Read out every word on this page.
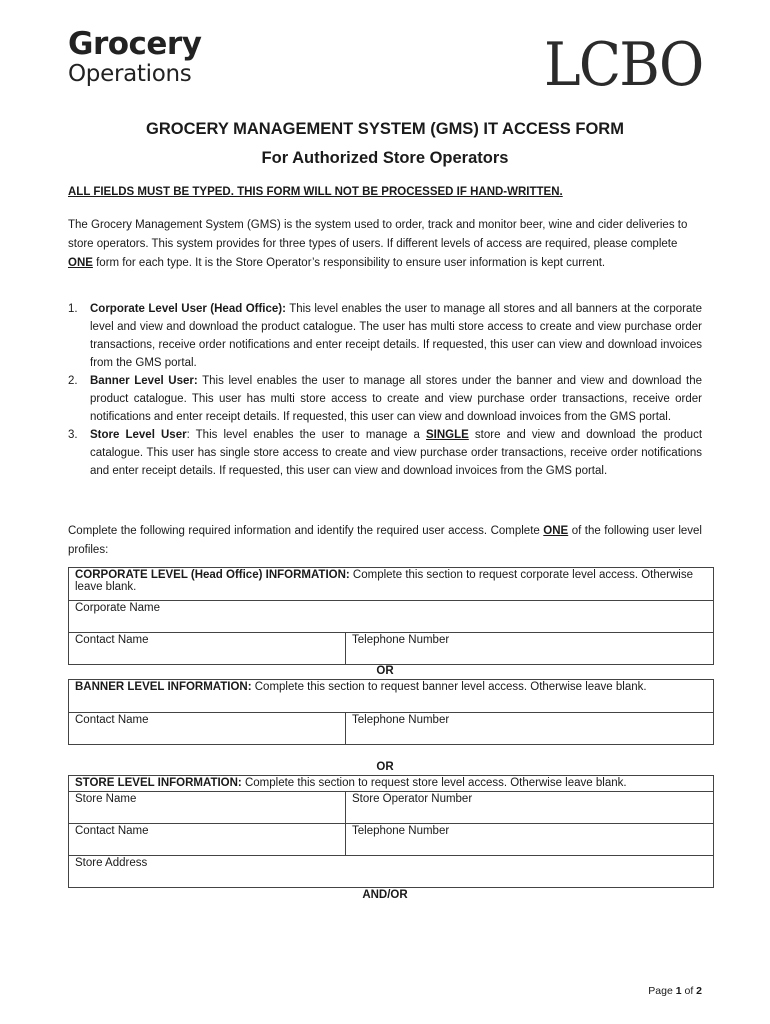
Grocery
Operations	LCBO
GROCERY MANAGEMENT SYSTEM (GMS) IT ACCESS FORM
For Authorized Store Operators
ALL FIELDS MUST BE TYPED. THIS FORM WILL NOT BE PROCESSED IF HAND-WRITTEN.
The Grocery Management System (GMS) is the system used to order, track and monitor beer, wine and cider deliveries to store operators. This system provides for three types of users. If different levels of access are required, please complete ONE form for each type. It is the Store Operator’s responsibility to ensure user information is kept current.
1.	Corporate Level User (Head Office): This level enables the user to manage all stores and all banners at the corporate level and view and download the product catalogue. The user has multi store access to create and view purchase order transactions, receive order notifications and enter receipt details. If requested, this user can view and download invoices from the GMS portal.
2.	Banner Level User: This level enables the user to manage all stores under the banner and view and download the product catalogue. This user has multi store access to create and view purchase order transactions, receive order notifications and enter receipt details. If requested, this user can view and download invoices from the GMS portal.
3.	Store Level User: This level enables the user to manage a SINGLE store and view and download the product catalogue. This user has single store access to create and view purchase order transactions, receive order notifications and enter receipt details. If requested, this user can view and download invoices from the GMS portal.
Complete the following required information and identify the required user access. Complete ONE of the following user level profiles:
CORPORATE LEVEL (Head Office) INFORMATION: Complete this section to request corporate level access. Otherwise leave blank.
Corporate Name
Contact Name	Telephone Number
OR
BANNER LEVEL INFORMATION: Complete this section to request banner level access. Otherwise leave blank.
Contact Name	Telephone Number
OR
STORE LEVEL INFORMATION: Complete this section to request store level access. Otherwise leave blank.	
Store Name	Store Operator Number
Contact Name	Telephone Number
Store Address	
AND/OR
Page 1 of 2
